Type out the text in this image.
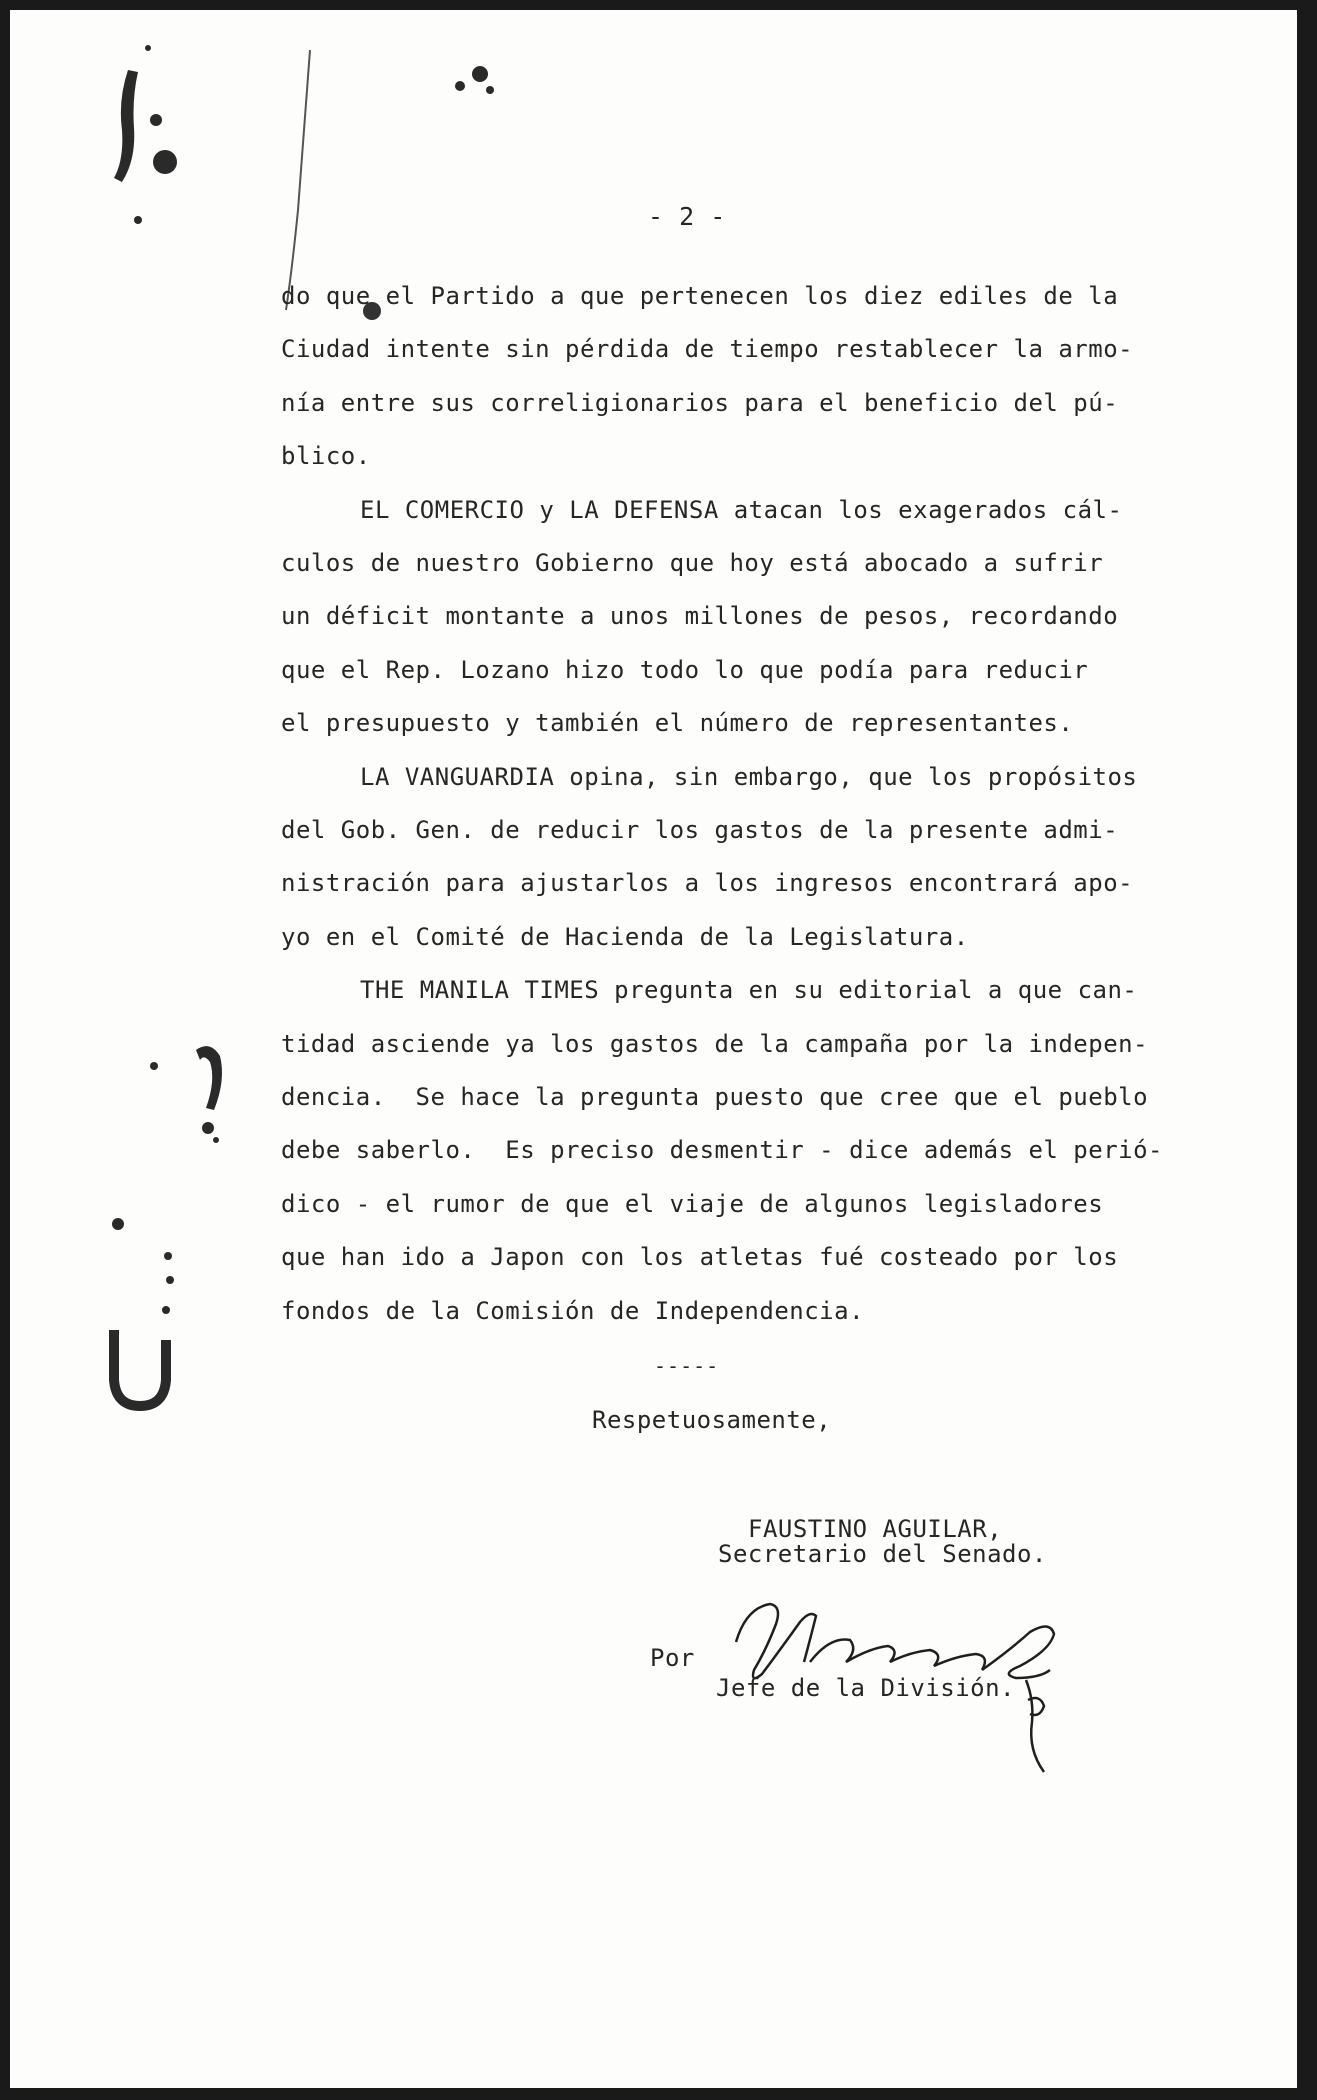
- 2 -
do que el Partido a que pertenecen los diez ediles de la
Ciudad intente sin pérdida de tiempo restablecer la armo-
nía entre sus correligionarios para el beneficio del pú-
blico.
EL COMERCIO y LA DEFENSA atacan los exagerados cál-
culos de nuestro Gobierno que hoy está abocado a sufrir
un déficit montante a unos millones de pesos, recordando
que el Rep. Lozano hizo todo lo que podía para reducir
el presupuesto y también el número de representantes.
LA VANGUARDIA opina, sin embargo, que los propósitos
del Gob. Gen. de reducir los gastos de la presente admi-
nistración para ajustarlos a los ingresos encontrará apo-
yo en el Comité de Hacienda de la Legislatura.
THE MANILA TIMES pregunta en su editorial a que can-
tidad asciende ya los gastos de la campaña por la indepen-
dencia.  Se hace la pregunta puesto que cree que el pueblo
debe saberlo.  Es preciso desmentir - dice además el perió-
dico - el rumor de que el viaje de algunos legisladores
que han ido a Japon con los atletas fué costeado por los
fondos de la Comisión de Independencia.
-----
Respetuosamente,
FAUSTINO AGUILAR,
Secretario del Senado.
Por
Jefe de la División.
